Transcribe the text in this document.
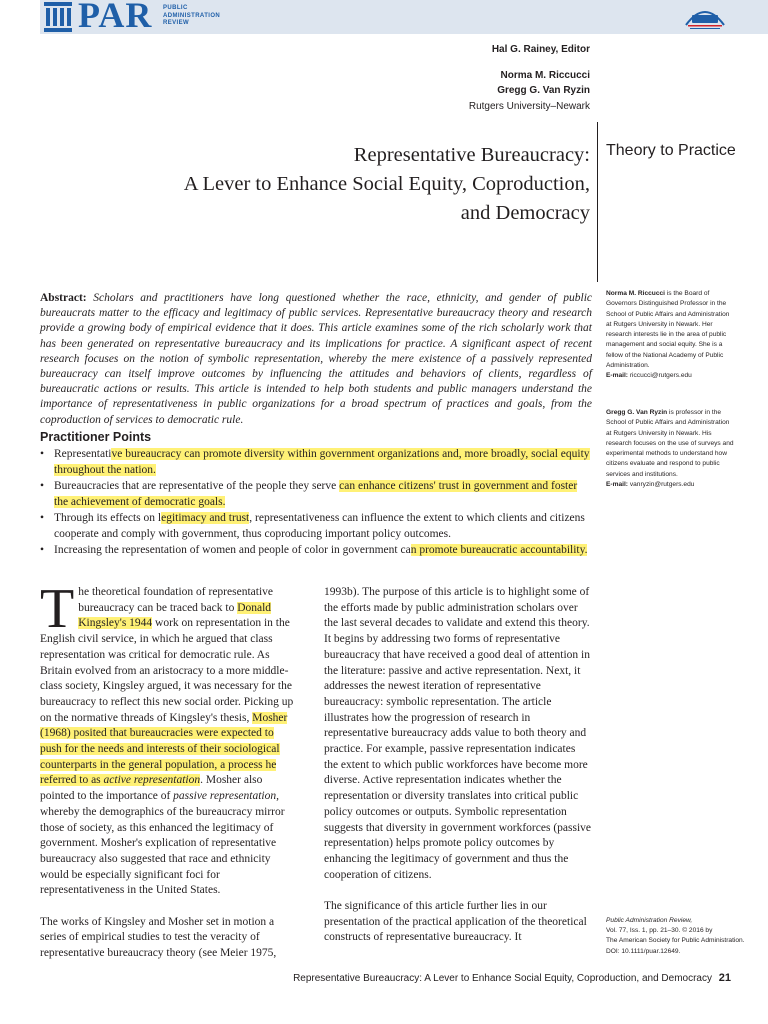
PAR PUBLIC
ADMINISTRATION
REVIEW
Hal G. Rainey, Editor
Norma M. Riccucci
Gregg G. Van Ryzin
Rutgers University–Newark
Theory to Practice
Representative Bureaucracy:
A Lever to Enhance Social Equity, Coproduction,
and Democracy
Abstract: Scholars and practitioners have long questioned whether the race, ethnicity, and gender of public bureaucrats matter to the efficacy and legitimacy of public services. Representative bureaucracy theory and research provide a growing body of empirical evidence that it does. This article examines some of the rich scholarly work that has been generated on representative bureaucracy and its implications for practice. A significant aspect of recent research focuses on the notion of symbolic representation, whereby the mere existence of a passively represented bureaucracy can itself improve outcomes by influencing the attitudes and behaviors of clients, regardless of bureaucratic actions or results. This article is intended to help both students and public managers understand the importance of representativeness in public organizations for a broad spectrum of practices and goals, from the coproduction of services to democratic rule.
Practitioner Points
• Representative bureaucracy can promote diversity within government organizations and, more broadly, social equity throughout the nation.
• Bureaucracies that are representative of the people they serve can enhance citizens' trust in government and foster the achievement of democratic goals.
• Through its effects on legitimacy and trust, representativeness can influence the extent to which clients and citizens cooperate and comply with government, thus coproducing important policy outcomes.
• Increasing the representation of women and people of color in government can promote bureaucratic accountability.

The theoretical foundation of representative bureaucracy can be traced back to Donald Kingsley's 1944 work on representation in the English civil service, in which he argued that class representation was critical for democratic rule. As Britain evolved from an aristocracy to a more middle-class society, Kingsley argued, it was necessary for the bureaucracy to reflect this new social order. Picking up on the normative threads of Kingsley's thesis, Mosher (1968) posited that bureaucracies were expected to push for the needs and interests of their sociological counterparts in the general population, a process he referred to as active representation. Mosher also pointed to the importance of passive representation, whereby the demographics of the bureaucracy mirror those of society, as this enhanced the legitimacy of government. Mosher's explication of representative bureaucracy also suggested that race and ethnicity would be especially significant foci for representativeness in the United States.

The works of Kingsley and Mosher set in motion a series of empirical studies to test the veracity of representative bureaucracy theory (see Meier 1975,

1993b). The purpose of this article is to highlight some of the efforts made by public administration scholars over the last several decades to validate and extend this theory. It begins by addressing two forms of representative bureaucracy that have received a good deal of attention in the literature: passive and active representation. Next, it addresses the newest iteration of representative bureaucracy: symbolic representation. The article illustrates how the progression of research in representative bureaucracy adds value to both theory and practice. For example, passive representation indicates the extent to which public workforces have become more diverse. Active representation indicates whether the representation or diversity translates into critical public policy outcomes or outputs. Symbolic representation suggests that diversity in government workforces (passive representation) helps promote policy outcomes by enhancing the legitimacy of government and thus the cooperation of citizens.

The significance of this article further lies in our presentation of the practical application of the theoretical constructs of representative bureaucracy. It

Norma M. Riccucci is the Board of Governors Distinguished Professor in the School of Public Affairs and Administration at Rutgers University in Newark. Her research interests lie in the area of public management and social equity. She is a fellow of the National Academy of Public Administration.
E-mail: riccucci@rutgers.edu
Gregg G. Van Ryzin is professor in the School of Public Affairs and Administration at Rutgers University in Newark. His research focuses on the use of surveys and experimental methods to understand how citizens evaluate and respond to public services and institutions.
E-mail: vanryzin@rutgers.edu
Public Administration Review,
Vol. 77, Iss. 1, pp. 21–30. © 2016 by
The American Society for Public Administration.
DOI: 10.1111/puar.12649.
Representative Bureaucracy: A Lever to Enhance Social Equity, Coproduction, and Democracy 21
